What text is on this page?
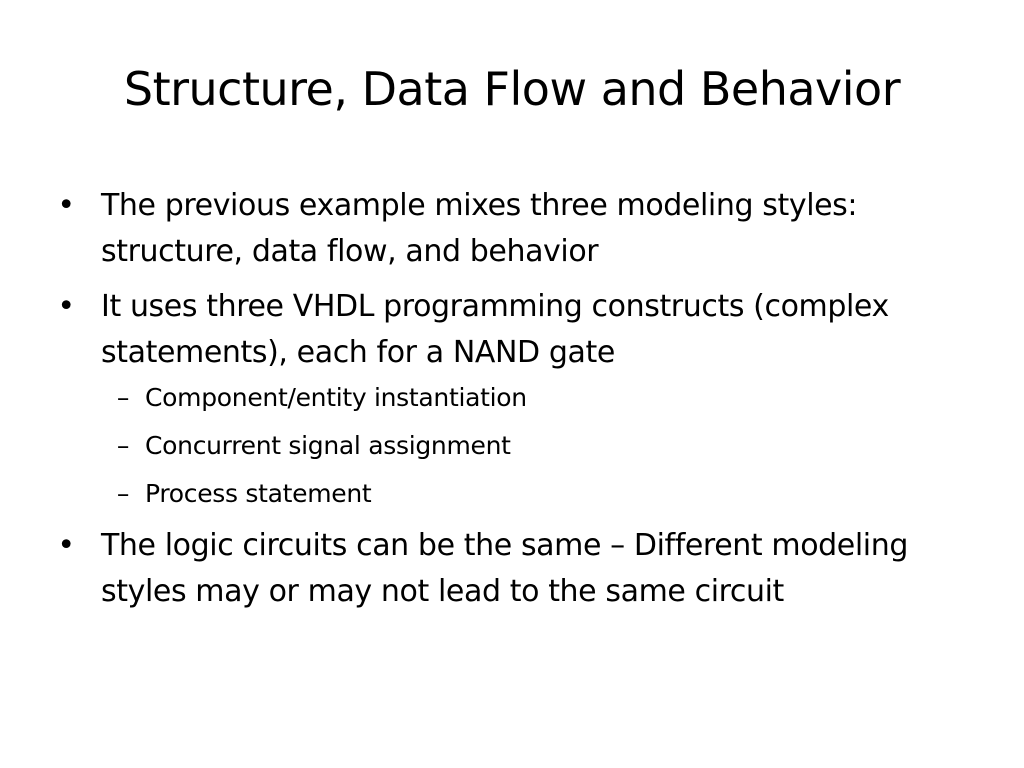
Structure, Data Flow and Behavior
• The previous example mixes three modeling styles: structure, data flow, and behavior
• It uses three VHDL programming constructs (complex statements), each for a NAND gate
– Component/entity instantiation
– Concurrent signal assignment
– Process statement
• The logic circuits can be the same – Different modeling styles may or may not lead to the same circuit
